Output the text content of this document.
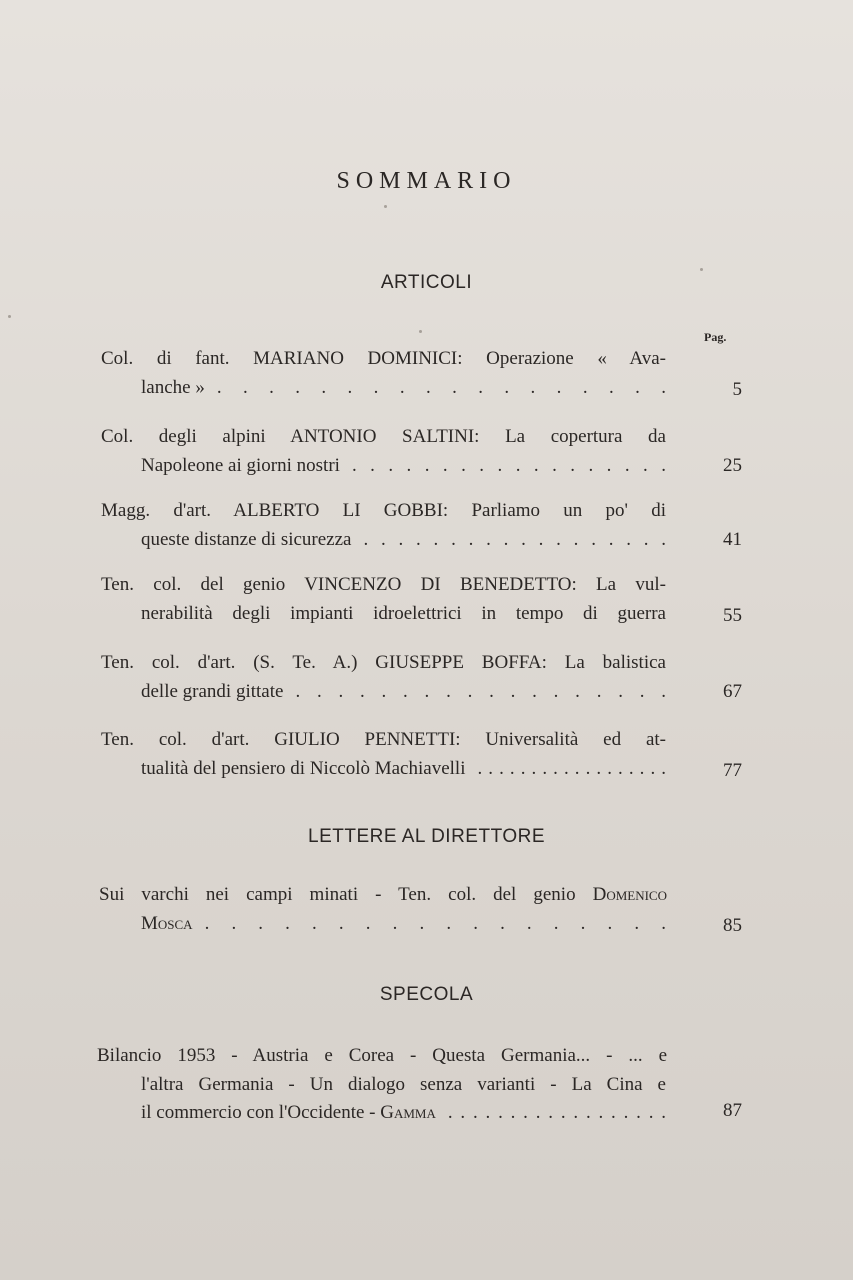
SOMMARIO
ARTICOLI
Pag.
Col. di fant. MARIANO DOMINICI: Operazione « Ava-
lanche » . . . . . . . . . . . . . . . . . .	5
Col. degli alpini ANTONIO SALTINI: La copertura da
Napoleone ai giorni nostri . . . . . . . . . . . . . . . . . .	25
Magg. d'art. ALBERTO LI GOBBI: Parliamo un po' di
queste distanze di sicurezza . . . . . . . . . . . . . . . . . .	41
Ten. col. del genio VINCENZO DI BENEDETTO: La vul-
nerabilità degli impianti idroelettrici in tempo di guerra	55
Ten. col. d'art. (S. Te. A.) GIUSEPPE BOFFA: La balistica
delle grandi gittate . . . . . . . . . . . . . . . . . .	67
Ten. col. d'art. GIULIO PENNETTI: Universalità ed at-
tualità del pensiero di Niccolò Machiavelli . . . . . . . . . . . . . . . . . .	77
LETTERE AL DIRETTORE
Sui varchi nei campi minati - Ten. col. del genio Domenico
Mosca . . . . . . . . . . . . . . . . . .	85
SPECOLA
Bilancio 1953 - Austria e Corea - Questa Germania... - ... e
l'altra Germania - Un dialogo senza varianti - La Cina e
il commercio con l'Occidente - Gamma . . . . . . . . . . . . . . . . . .	87
